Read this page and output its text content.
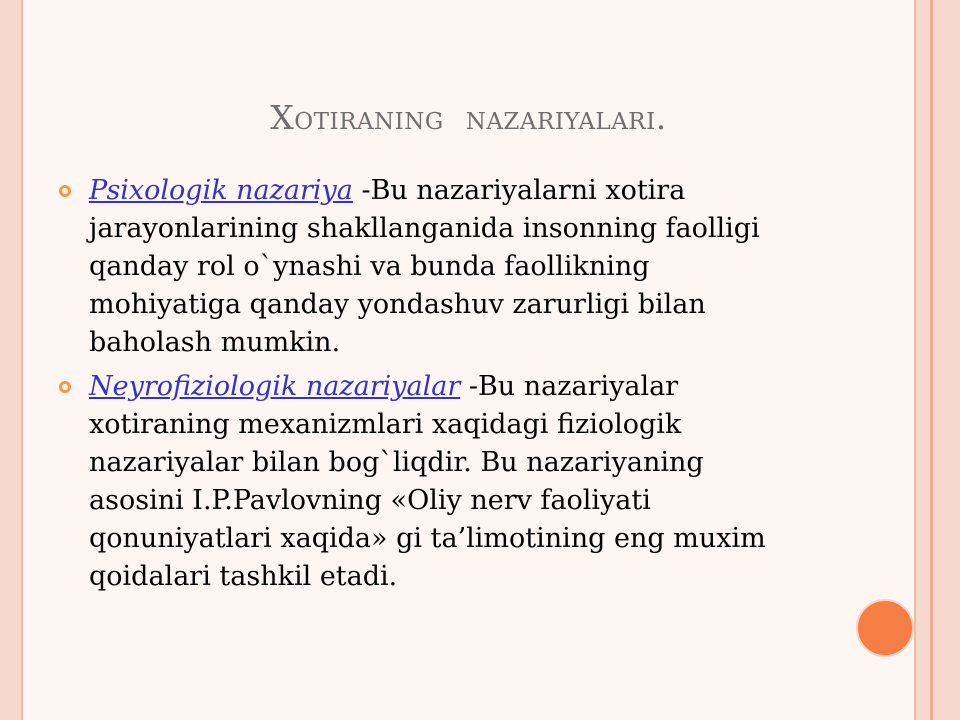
Xotiraning  nazariyalari.
Psixologik nazariya -Bu nazariyalarni xotira jarayonlarining shakllanganida insonning faolligi qanday rol o`ynashi va bunda faollikning mohiyatiga qanday yondashuv zarurligi bilan baholash mumkin.
Neyrofiziologik nazariyalar -Bu nazariyalar xotiraning mexanizmlari xaqidagi fiziologik nazariyalar bilan bog`liqdir. Bu nazariyaning asosini I.P.Pavlovning «Oliy nerv faoliyati qonuniyatlari xaqida» gi ta’limotining eng muxim qoidalari tashkil etadi.
